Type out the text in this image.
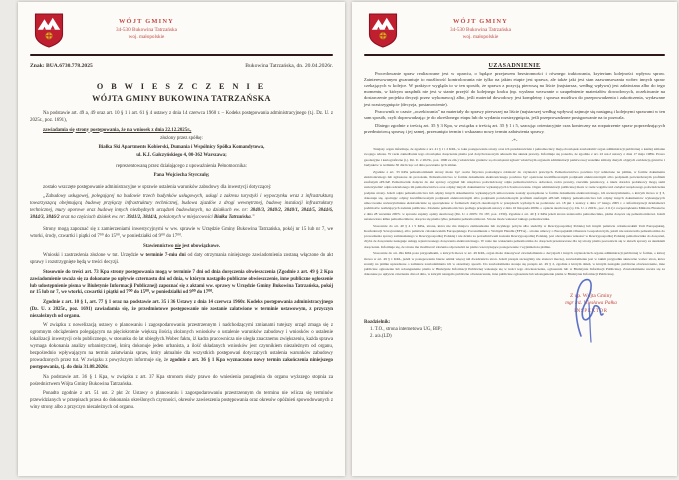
WÓJT GMINY
34-530 Bukowina Tatrzańska
woj. małopolskie
Znak: BUA.6730.778.2025	Bukowina Tatrzańska, dn. 20.04.2026r.
O B W I E S Z C Z E N I E
WÓJTA GMINY BUKOWINA TATRZAŃSKA

Na podstawie art. 49 a, 49 oraz art. 10 § 1 i art. 61 § 4 ustawy z dnia 14 czerwca 1960 r. – Kodeks postępowania administracyjnego (t.j. Dz. U. z 2025r., poz. 1691),

zawiadamia się strony postępowania, że na wniosek z dnia 22.12.2025r.,

złożony przez spółkę:

Białka Ski Apartments Kobierski, Dumania i Wspólnicy Spółka Komandytowa,

ul. K.I. Gałczyńskiego 4, 00-362 Warszawa;

reprezentowaną przez działającego z upoważnienia Pełnomocnika:

Pana Wojciecha Styrczulę;

zostało wszczęte postępowanie administracyjne w sprawie ustalenia warunków zabudowy dla inwestycji dotyczącej:

„Zabudowy usługowej, polegającej na budowie trzech budynków usługowych, usługi z zakresu turystyki i wypoczynku wraz z infrastrukturą towarzyszącą obejmującą budowę przyłączy infrastruktury technicznej, budowa zjazdów z drogi wewnętrznej, budowę instalacji infrastruktury technicznej, mury oporowe oraz budowę innych niezbędnych urządzeń budowlanych, na działkach ew. nr: 3840/3, 3840/2, 3840/1, 3844/5, 3844/6, 3844/3, 3846/2 oraz na częściach działek ew. nr: 3941/2, 3844/4, położonych w miejscowości Białka Tatrzańska.”

Strony mogą zapoznać się z zamierzeniami inwestycyjnymi w ww. sprawie w Urzędzie Gminy Bukowina Tatrzańska, pokój nr 15 lub nr 7, we wtorki, środy, czwartki i piątki od 7⁰⁰ do 15⁰⁰, w poniedziałki od 9⁰⁰ do 17⁰⁰.

Stawiennictwo nie jest obowiązkowe.

Wnioski i zastrzeżenia złożone w tut. Urzędzie w terminie 7-miu dni od daty otrzymania niniejszego zawiadomienia zostaną włączone do akt sprawy i rozstrzygnięte będą w treści decyzji.

Stosownie do treści art. 73 Kpa strony postępowania mogą w terminie 7 dni od dnia doręczenia obwieszczenia (Zgodnie z art. 49 § 2 Kpa zawiadomienie uważa się za dokonane po upływie czternastu dni od dnia, w którym nastąpiło publiczne obwieszczenie, inne publiczne ogłoszenie lub udostępnienie pisma w Biuletynie Informacji Publicznej) zapoznać się z aktami ww. sprawy w Urzędzie Gminy Bukowina Tatrzańska, pokój nr 15 lub nr 7, we wtorki, czwartki i piątki od 7⁰⁰ do 15⁰⁰, w poniedziałki od 9⁰⁰ do 17⁰⁰.

Zgodnie z art. 10 § 1, art. 77 § 1 oraz na podstawie art. 35 i 36 Ustawy z dnia 14 czerwca 1960r. Kodeks postępowania administracyjnego (Dz. U. z 2025r., poz. 1691) zawiadamia się, że przedmiotowe postępowanie nie zostanie załatwione w terminie ustawowym, z przyczyn niezależnych od organu.

W związku z nowelizacją ustawy o planowaniu i zagospodarowaniu przestrzennym i nadchodzącymi zmianami tutejszy urząd zmaga się z ogromnym obciążeniem polegającym na pięciokrotnie większą ilością złożonych wniosków o ustalenie warunków zabudowy i wniosków o ustalenie lokalizacji inwestycji celu publicznego, w stosunku do lat ubiegłych.Wobec faktu, iż kadra pracownicza nie uległa znacznemu zwiększeniu, każda sprawa wymaga dokonania analizy urbanistycznej, którą dokonuje jeden urbanista, a ilość składanych wniosków jest czynnikiem niezależnym od organu, bezpośrednio wpływającym na termin załatwiania spraw, który aktualnie dla wszystkich postępowań dotyczących ustalenia warunków zabudowy prowadzonych przez tut. W związku z powyższym informuje się, że zgodnie z art. 36 § 1 Kpa wyznaczono nowy termin zakończenia niniejszego postępowania, tj. do dnia 31.08.2026r.

Na podstawie art. 36 § 1 Kpa, w związku z art. 37 Kpa stronom służy prawo do wniesienia ponaglenia do organu wyższego stopnia za pośrednictwem Wójta Gminy Bukowina Tatrzańska.

Ponadto zgodnie z art. 51 ust. 2 pkt 2c Ustawy o planowaniu i zagospodarowaniu przestrzennym do terminu nie wlicza się terminów przewidzianych w przepisach prawa do dokonania określonych czynności, okresów zawieszenia postępowania oraz okresów opóźnień spowodowanych z winy strony albo z przyczyn niezależnych od organu.

WÓJT GMINY
34-530 Bukowina Tatrzańska
woj. małopolskie
UZASADNIENIE

Procedowanie spraw realizowane jest w oparciu, o będące przejawem bezstronności i równego traktowania, kryterium kolejności wpływu spraw. Zainteresowanym gwarantuje to możliwość kontrolowania nie tylko na jakim etapie jest sprawa, ale także jaki jest stan zaawansowania wobec innych spraw czekających w kolejce. W praktyce wygląda to w ten sposób, że sprawa z pozycją pierwszą na liście (najstarsza, według wpływu) jest załatwiana albo do tego momentu, w którym urzędnik nie jest w stanie przejść do kolejnego kroku (np. wysłano wezwanie o uzupełnienie materiałów dowodowych, oczekiwanie na dostarczenie projektu decyzji przez wykonawcę) albo, jeśli materiał dowodowy jest kompletny i sprawa możliwa do przeprowadzenia i zakończenia, wydawane jest rozstrzygnięcie (decyzja, postanowienie).

Pracownik w czasie „oczekiwania” na materiały do sprawy pierwszej na liście (najstarszej według wpływu) zajmuje się następną i kolejnymi sprawami w ten sam sposób, czyli doprowadzając je do określonego etapu lub do wydania rozstrzygnięcia, jeśli przeprowadzone postępowanie na to pozwala.

Dlatego zgodnie z treścią art. 35 § 3 Kpa, w związku z treścią art. 35 § 1 i 5, szacując orientacyjnie czas konieczny na rozpatrzenie spraw poprzedzających przedmiotową sprawę i jej samej, przesunięto termin i wskazano nowy termin załatwienia sprawy.

-*-

Tutejszy organ informuje, że zgodnie z art. 41 § 1 i 2 KPA, w toku postępowania strony oraz ich przedstawiciele i pełnomocnicy mają obowiązek zawiadomić organ administracji publicznej o każdej zmianie swojego adresu. W razie zaniedbania tego obowiązku doręczenie pisma pod dotychczasowym adresem ma skutek prawny. Informuje się ponadto, że zgodnie z art. 22 ust.2 ustawy z dnia 17 maja 1989r. Prawo geodezyjne i kartograficzne (t.j. Dz. U. z 2023r., poz. 1990 ze zm.) właściciele gruntów są obowiązani zgłosić właściwym organom administracji państwowej wszelkie zmiany danych objętych ewidencją gruntów i budynków w terminie 30 dni licząc od dnia powstania tych zmian.

Zgodnie z art. 33 KPA pełnomocnikiem strony może być osoba fizyczna posiadająca zdolność do czynności prawnych. Pełnomocnictwo powinno być udzielone na piśmie, w formie dokumentu elektronicznego lub zgłoszone do protokołu. Pełnomocnictwo w formie dokumentu elektronicznego powinno być opatrzone kwalifikowanym podpisem elektronicznym albo podpisem potwierdzonym profilem zaufanym ePUAP. Pełnomocnik dołącza do akt sprawy oryginał lub urzędowo poświadczony odpis pełnomocnictwa. Adwokat, radca prawny, rzecznik patentowy, a także doradca podatkowy mogą sami uwierzytelnić odpis udzielonego im pełnomocnictwa oraz odpisy innych dokumentów wykazujących ich umocowanie. Organ administracji publicznej może w razie wątpliwości zażądać urzędowego poświadczenia podpisu strony. Jeżeli odpis pełnomocnictwa lub odpisy innych dokumentów wykazujących umocowanie zostały sporządzone w formie dokumentu elektronicznego, ich uwierzytelnienia, o którym mowa w § 3, dokonuje się, opatrując odpisy kwalifikowanym podpisem elektronicznym albo podpisem potwierdzonym profilem zaufanym ePUAP. Odpisy pełnomocnictwa lub odpisy innych dokumentów wykazujących umocowanie uwierzytelniane elektronicznie są sporządzane w formatach danych określonych w przepisach wydanych na podstawie art. 18 pkt 1 ustawy z dnia 17 lutego 2005 r. o informatyzacji działalności podmiotów realizujących zadania publiczne. Złożenie pełnomocnictwa podlega przepisom ustawy z dnia 16 listopada 2006r. o opłacie skarbowej (t.j. Dz. U. z 2023r., poz. 2111) i rozporządzenia Ministra Finansów z dnia 28 września 2007r. w sprawie zapłaty opłaty skarbowej (Dz. U. z 2007r. Nr 187, poz. 1330). Zgodnie z art. 40 § 2 KPA jeżeli strona ustanowiła pełnomocnika, pisma doręcza się pełnomocnikowi. Jeżeli ustanowiono kilku pełnomocników, doręcza się pisma tylko jednemu pełnomocnikowi. Strona może wskazać takiego pełnomocnika.

Stosownie do art. 40 § 4 i 5 KPA, strona, która nie ma miejsca zamieszkania lub zwykłego pobytu albo siedziby w Rzeczypospolitej Polskiej lub innym państwie członkowskim Unii Europejskiej, Konfederacji Szwajcarskiej, albo państwie członkowskim Europejskiego Porozumienia o Wolnym Handlu (EFTA) - stronie umowy o Europejskim Obszarze Gospodarczym, jeżeli nie ustanowiła pełnomocnika do prowadzenia sprawy zamieszkałego w Rzeczypospolitej Polskiej i nie działa za pośrednictwem konsula Rzeczypospolitej Polskiej, jest obowiązana wskazać w Rzeczypospolitej Polskiej pełnomocnika do doręczeń, chyba że doręczenie następuje usługą rejestrowanego doręczenia elektronicznego. W razie nie wskazania pełnomocnika do doręczeń przeznaczone dla tej strony pisma pozostawia się w aktach sprawy ze skutkiem doręczenia. Informuje się, że strona ma możliwość złożenia odpowiedzi na pismo wszczynające postępowanie i wyjaśnień na piśmie.

Stosownie do art. 49a KPA poza przypadkami, o których mowa w art. 49 KPA, organ może dokonywać zawiadomienia o decyzjach i innych czynnościach organu administracji publicznej w formie, o której mowa w art. 49 § 1 KPA, jeżeli w postępowaniu bierze udział więcej niż dwadzieścia stron. Jeżeli przepis szczególny nie stanowi inaczej, zawiadomienie jest w takim przypadku skuteczne wobec stron, które zostały na piśmie uprzedzone o zamiarze zawiadamiania ich w określony sposób. Do zawiadomienia stosuje się przepis art. 49 § 2, zgodnie z którym dzień, w którym nastąpiło publiczne obwieszczenie, inne publiczne ogłoszenie lub udostępnienie pisma w Biuletynie Informacji Publicznej wskazuje się w treści tego obwieszczenia, ogłoszenia lub w Biuletynie Informacji Publicznej. Zawiadomienie uważa się za dokonane po upływie czternastu dni od dnia, w którym nastąpiło publiczne obwieszczenie, inne publiczne ogłoszenie lub udostępnienie pisma w Biuletynie Informacji Publicznej.

Z up. Wójta Gminy
mgr inż. Wiesława Pałka
INSPEKTOR
Rozdzielnik:
1. T.O., strona internetowa UG, BIP;
2. a/a.(LD)
